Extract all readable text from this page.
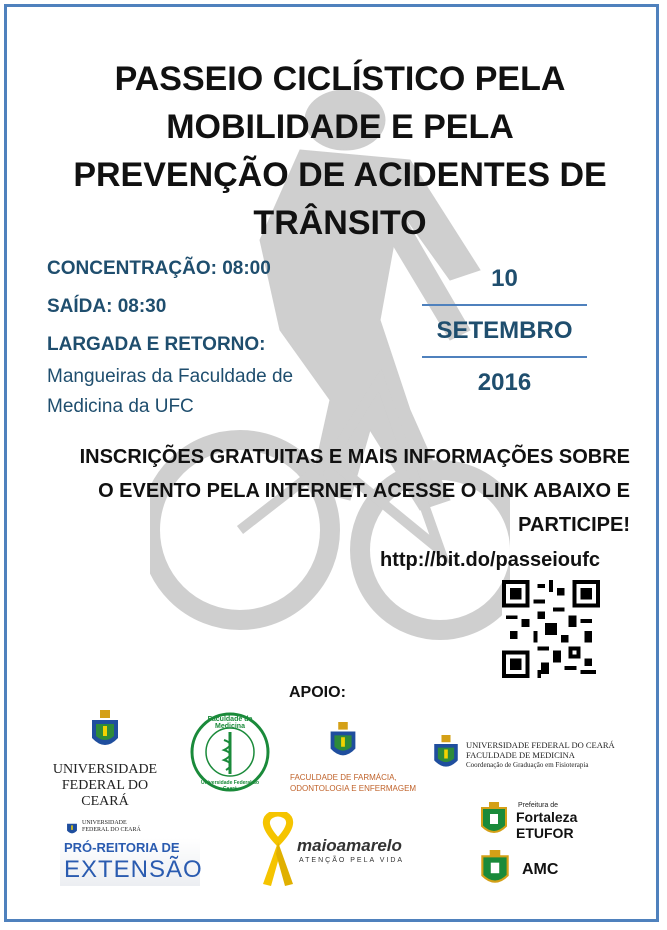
PASSEIO CICLÍSTICO PELA MOBILIDADE E PELA PREVENÇÃO DE ACIDENTES DE TRÂNSITO
CONCENTRAÇÃO: 08:00
SAÍDA: 08:30
LARGADA E RETORNO:
Mangueiras da Faculdade de Medicina da UFC
10
SETEMBRO
2016
INSCRIÇÕES GRATUITAS E MAIS INFORMAÇÕES SOBRE O EVENTO PELA INTERNET. ACESSE O LINK ABAIXO E PARTICIPE!
http://bit.do/passeioufc
APOIO:
UNIVERSIDADE
FEDERAL DO CEARÁ
Faculdade de Medicina
Universidade Federal do Ceará
FACULDADE DE FARMÁCIA,
ODONTOLOGIA E ENFERMAGEM
UNIVERSIDADE FEDERAL DO CEARÁ
FACULDADE DE MEDICINA
Coordenação de Graduação em Fisioterapia
UNIVERSIDADE
FEDERAL DO CEARÁ
PRÓ-REITORIA DE
EXTENSÃO
maioamarelo
ATENÇÃO PELA VIDA
Prefeitura de
Fortaleza
ETUFOR
AMC
